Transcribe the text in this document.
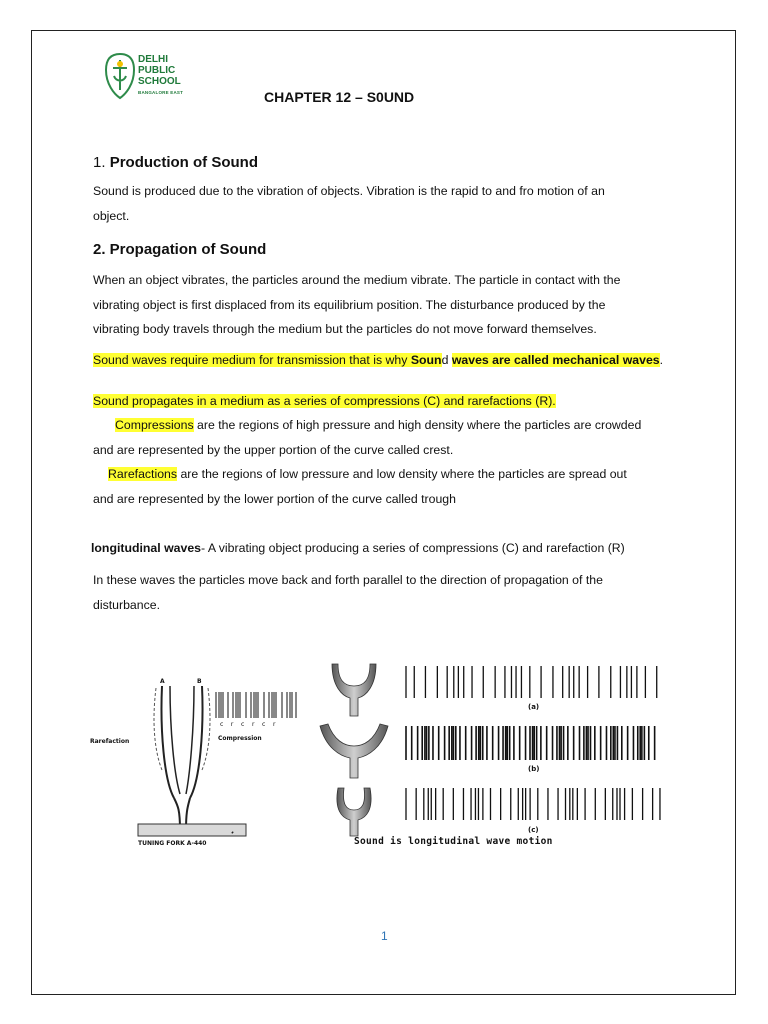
DELHI
PUBLIC
SCHOOL
BANGALORE EAST	CHAPTER 12 – S0UND
1. Production of Sound
Sound is produced due to the vibration of objects. Vibration is the rapid to and fro motion of an
object.
2. Propagation of Sound
When an object vibrates, the particles around the medium vibrate. The particle in contact with the
vibrating object is first displaced from its equilibrium position. The disturbance produced by the
vibrating body travels through the medium but the particles do not move forward themselves.
Sound waves require medium for transmission that is why Sound waves are called mechanical waves.
Sound propagates in a medium as a series of compressions (C) and rarefactions (R).
Compressions are the regions of high pressure and high density where the particles are crowded
and are represented by the upper portion of the curve called crest.
Rarefactions are the regions of low pressure and low density where the particles are spread out
and are represented by the lower portion of the curve called trough
longitudinal waves- A vibrating object producing a series of compressions (C) and rarefaction (R)
In these waves the particles move back and forth parallel to the direction of propagation of the
disturbance.
A	B
Rarefaction	Compression
c    r    c    r    c    r
TUNING FORK A-440
(a)
(b)
(c)
Sound is longitudinal wave motion
1
